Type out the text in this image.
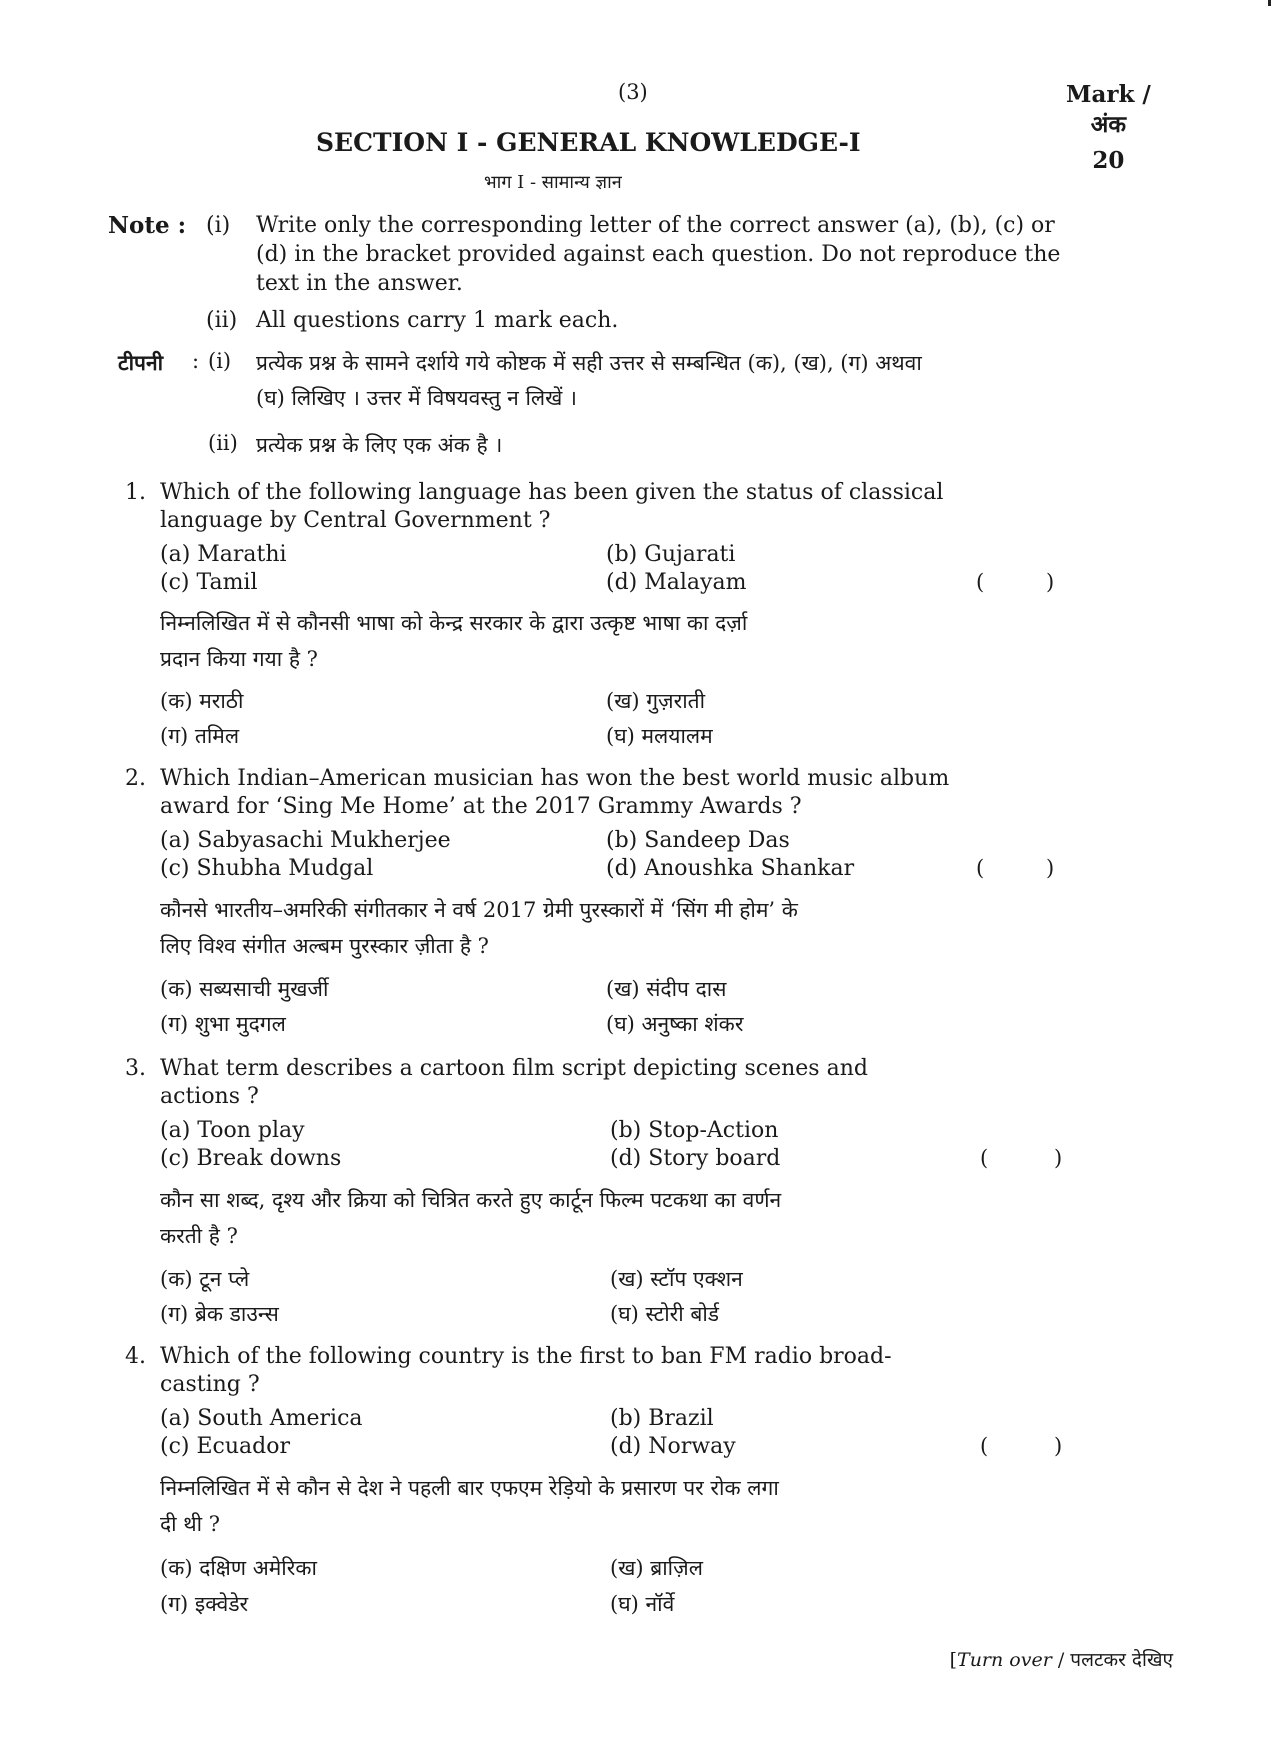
(3)	Mark /
अंक
20
SECTION I - GENERAL KNOWLEDGE-I
भाग I - सामान्य ज्ञान
Note : (i) Write only the corresponding letter of the correct answer (a), (b), (c) or
(d) in the bracket provided against each question. Do not reproduce the
text in the answer.
(ii) All questions carry 1 mark each.
टीपनी : (i) प्रत्येक प्रश्न के सामने दर्शाये गये कोष्टक में सही उत्तर से सम्बन्धित (क), (ख), (ग) अथवा
(घ) लिखिए । उत्तर में विषयवस्तु न लिखें ।
(ii) प्रत्येक प्रश्न के लिए एक अंक है ।
1. Which of the following language has been given the status of classical
language by Central Government ?
(a) Marathi	(b) Gujarati
(c) Tamil	(d) Malayam	(	)
निम्नलिखित में से कौनसी भाषा को केन्द्र सरकार के द्वारा उत्कृष्ट भाषा का दर्ज़ा
प्रदान किया गया है ?
(क) मराठी	(ख) गुज़राती
(ग) तमिल	(घ) मलयालम
2. Which Indian–American musician has won the best world music album
award for ‘Sing Me Home’ at the 2017 Grammy Awards ?
(a) Sabyasachi Mukherjee	(b) Sandeep Das
(c) Shubha Mudgal	(d) Anoushka Shankar	(	)
कौनसे भारतीय–अमरिकी संगीतकार ने वर्ष 2017 ग्रेमी पुरस्कारों में ‘सिंग मी होम’ के
लिए विश्व संगीत अल्बम पुरस्कार ज़ीता है ?
(क) सब्यसाची मुखर्जी	(ख) संदीप दास
(ग) शुभा मुदगल	(घ) अनुष्का शंकर
3. What term describes a cartoon film script depicting scenes and
actions ?
(a) Toon play	(b) Stop-Action
(c) Break downs	(d) Story board	(	)
कौन सा शब्द, दृश्य और क्रिया को चित्रित करते हुए कार्टून फिल्म पटकथा का वर्णन
करती है ?
(क) टून प्ले	(ख) स्टॉप एक्शन
(ग) ब्रेक डाउन्स	(घ) स्टोरी बोर्ड
4. Which of the following country is the first to ban FM radio broad-
casting ?
(a) South America	(b) Brazil
(c) Ecuador	(d) Norway	(	)
निम्नलिखित में से कौन से देश ने पहली बार एफएम रेड़ियो के प्रसारण पर रोक लगा
दी थी ?
(क) दक्षिण अमेरिका	(ख) ब्राज़िल
(ग) इक्वेडेर	(घ) नॉर्वे
[Turn over / पलटकर देखिए
